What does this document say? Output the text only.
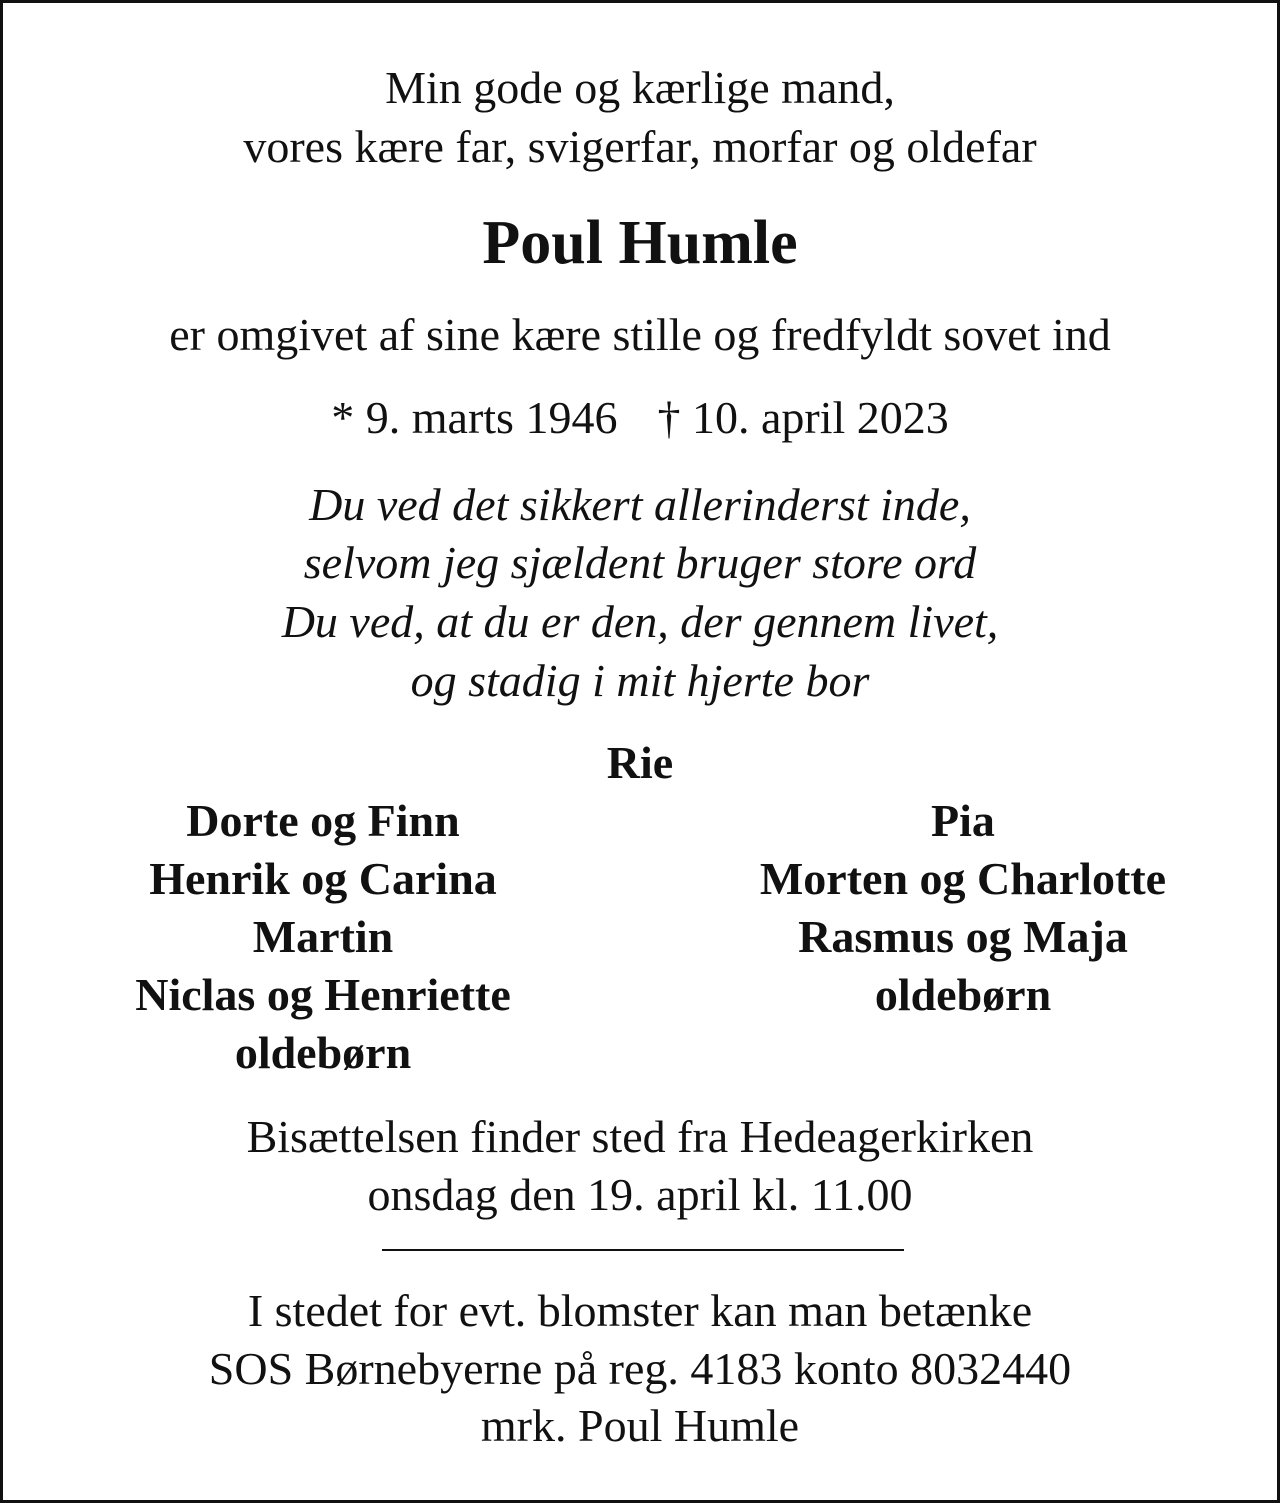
Min gode og kærlige mand,
vores kære far, svigerfar, morfar og oldefar
Poul Humle
er omgivet af sine kære stille og fredfyldt sovet ind
* 9. marts 1946 † 10. april 2023
Du ved det sikkert allerinderst inde,
selvom jeg sjældent bruger store ord
Du ved, at du er den, der gennem livet,
og stadig i mit hjerte bor
Rie
Dorte og Finn
Henrik og Carina
Martin
Niclas og Henriette
oldebørn
Pia
Morten og Charlotte
Rasmus og Maja
oldebørn
Bisættelsen finder sted fra Hedeagerkirken
onsdag den 19. april kl. 11.00
I stedet for evt. blomster kan man betænke
SOS Børnebyerne på reg. 4183 konto 8032440
mrk. Poul Humle
